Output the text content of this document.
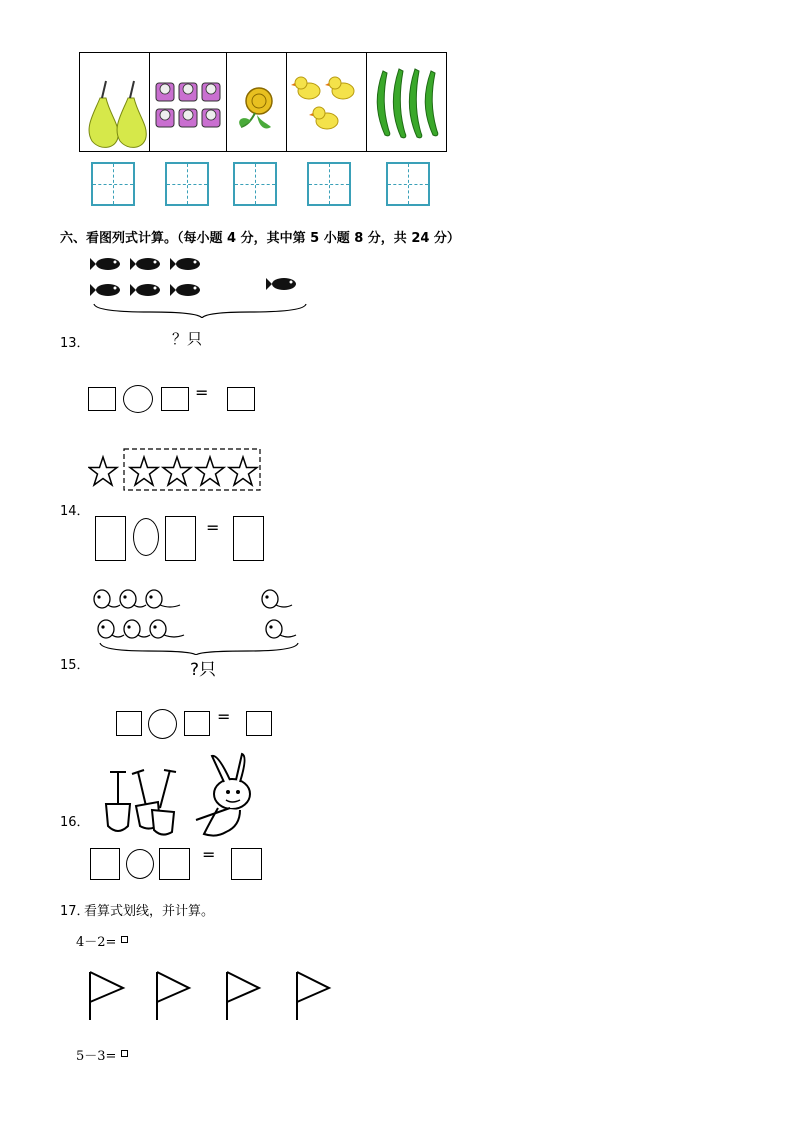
六、看图列式计算。（每小题 4 分，其中第 5 小题 8 分，共 24 分）
13．	？只
=
14．
=
15．	?只
=
16．
=
17．
看算式划线，并计算。
4－2=
5－3=
